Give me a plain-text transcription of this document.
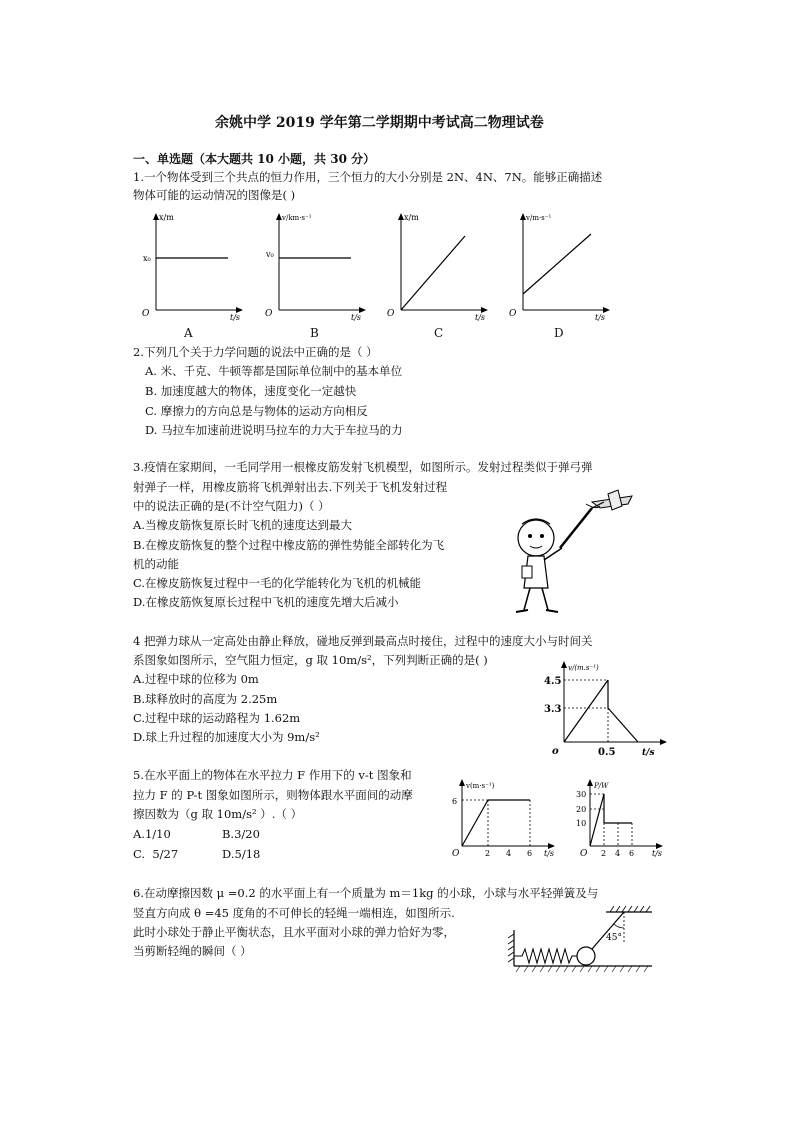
余姚中学 2019 学年第二学期期中考试高二物理试卷
一、单选题（本大题共 10 小题，共 30 分）
1.一个物体受到三个共点的恒力作用，三个恒力的大小分别是 2N、4N、7N。能够正确描述
物体可能的运动情况的图像是( )
x/m
x₀
O	t/s
A
v/km·s⁻¹
v₀
O	t/s
B
x/m
O	t/s
C
v/m·s⁻¹
O	t/s
D
2.下列几个关于力学问题的说法中正确的是（ ）
A. 米、千克、牛顿等都是国际单位制中的基本单位
B. 加速度越大的物体，速度变化一定越快
C. 摩擦力的方向总是与物体的运动方向相反
D. 马拉车加速前进说明马拉车的力大于车拉马的力
3.疫情在家期间，一毛同学用一根橡皮筋发射飞机模型，如图所示。发射过程类似于弹弓弹
射弹子一样，用橡皮筋将飞机弹射出去.下列关于飞机发射过程
中的说法正确的是(不计空气阻力)（ ）
A.当橡皮筋恢复原长时飞机的速度达到最大
B.在橡皮筋恢复的整个过程中橡皮筋的弹性势能全部转化为飞
机的动能
C.在橡皮筋恢复过程中一毛的化学能转化为飞机的机械能
D.在橡皮筋恢复原长过程中飞机的速度先增大后减小
4 把弹力球从一定高处由静止释放，碰地反弹到最高点时接住，过程中的速度大小与时间关
系图象如图所示，空气阻力恒定，g 取 10m/s²，下列判断正确的是( )
A.过程中球的位移为 0m
B.球释放时的高度为 2.25m
C.过程中球的运动路程为 1.62m
D.球上升过程的加速度大小为 9m/s²
v/(m.s⁻¹)
4.5
3.3
o	0.5	t/s
5.在水平面上的物体在水平拉力 F 作用下的 v-t 图象和
拉力 F 的 P-t 图象如图所示，则物体跟水平面间的动摩
擦因数为（g 取 10m/s² ）.（ ）
A.1/10              B.3/20
C.  5/27            D.5/18
v(m·s⁻¹)
6
O	2 4 6 t/s
P/W
30
20
10
O 2 4 6 t/s
6.在动摩擦因数 μ =0.2 的水平面上有一个质量为 m＝1kg 的小球，小球与水平轻弹簧及与
竖直方向成 θ =45 度角的不可伸长的轻绳一端相连，如图所示.
此时小球处于静止平衡状态，且水平面对小球的弹力恰好为零，
当剪断轻绳的瞬间（ ）
45°
